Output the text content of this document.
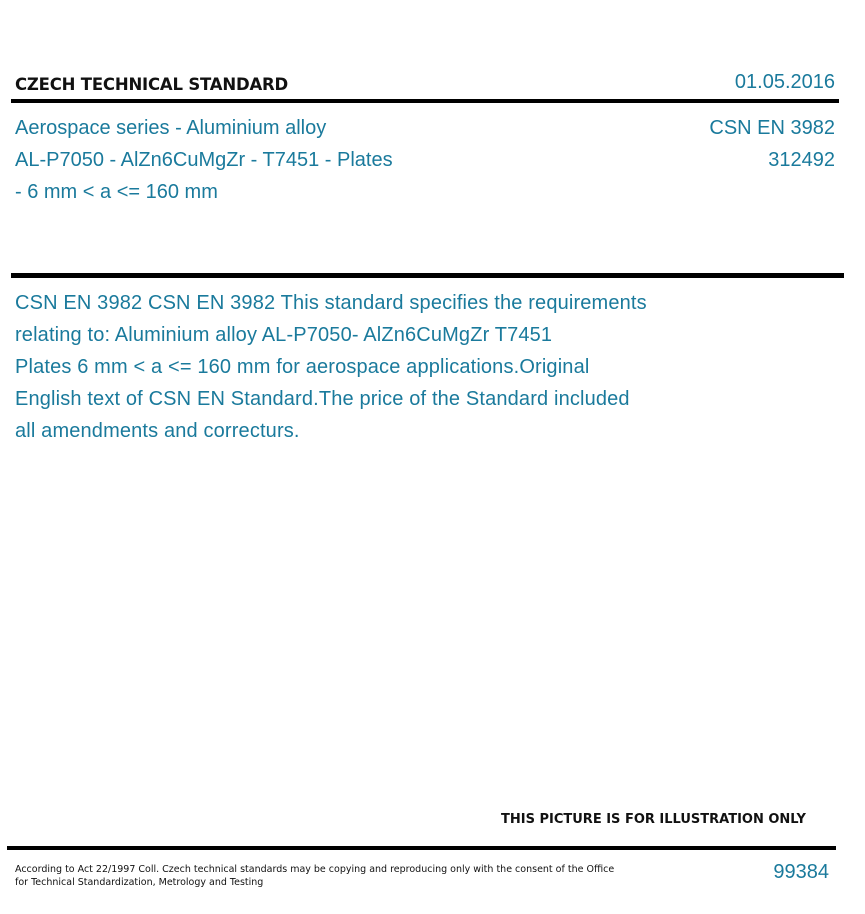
CZECH TECHNICAL STANDARD	01.05.2016
Aerospace series - Aluminium alloy
AL-P7050 - AlZn6CuMgZr - T7451 - Plates
- 6 mm < a <= 160 mm
CSN EN 3982
312492
CSN EN 3982 CSN EN 3982 This standard specifies the requirements
relating to: Aluminium alloy AL-P7050- AlZn6CuMgZr T7451
Plates 6 mm < a <= 160 mm for aerospace applications.Original
English text of CSN EN Standard.The price of the Standard included
all amendments and correcturs.
THIS PICTURE IS FOR ILLUSTRATION ONLY
According to Act 22/1997 Coll. Czech technical standards may be copying and reproducing only with the consent of the Office
for Technical Standardization, Metrology and Testing	99384
